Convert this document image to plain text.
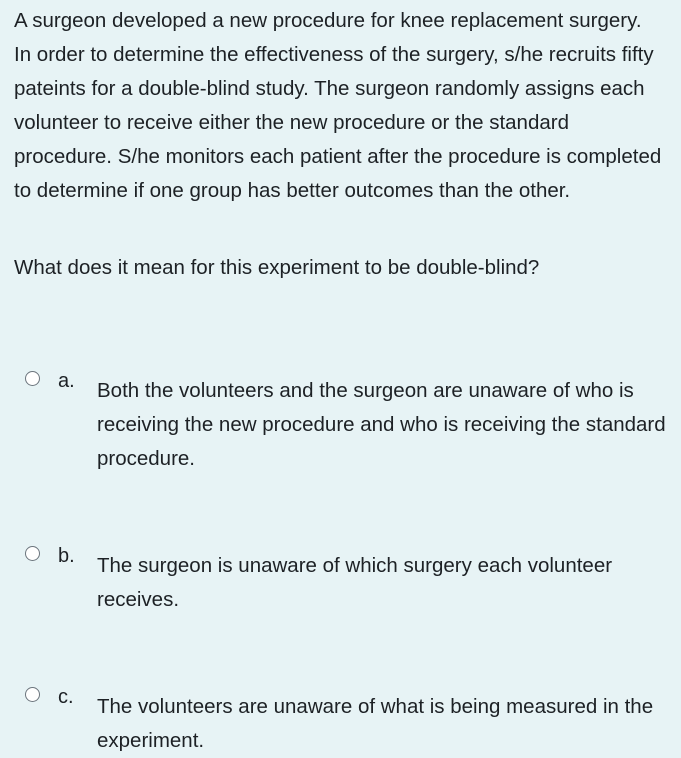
A surgeon developed a new procedure for knee replacement surgery. In order to determine the effectiveness of the surgery, s/he recruits fifty pateints for a double-blind study. The surgeon randomly assigns each volunteer to receive either the new procedure or the standard procedure. S/he monitors each patient after the procedure is completed to determine if one group has better outcomes than the other.

What does it mean for this experiment to be double-blind?

a. Both the volunteers and the surgeon are unaware of who is receiving the new procedure and who is receiving the standard procedure.
b. The surgeon is unaware of which surgery each volunteer receives.
c. The volunteers are unaware of what is being measured in the experiment.
